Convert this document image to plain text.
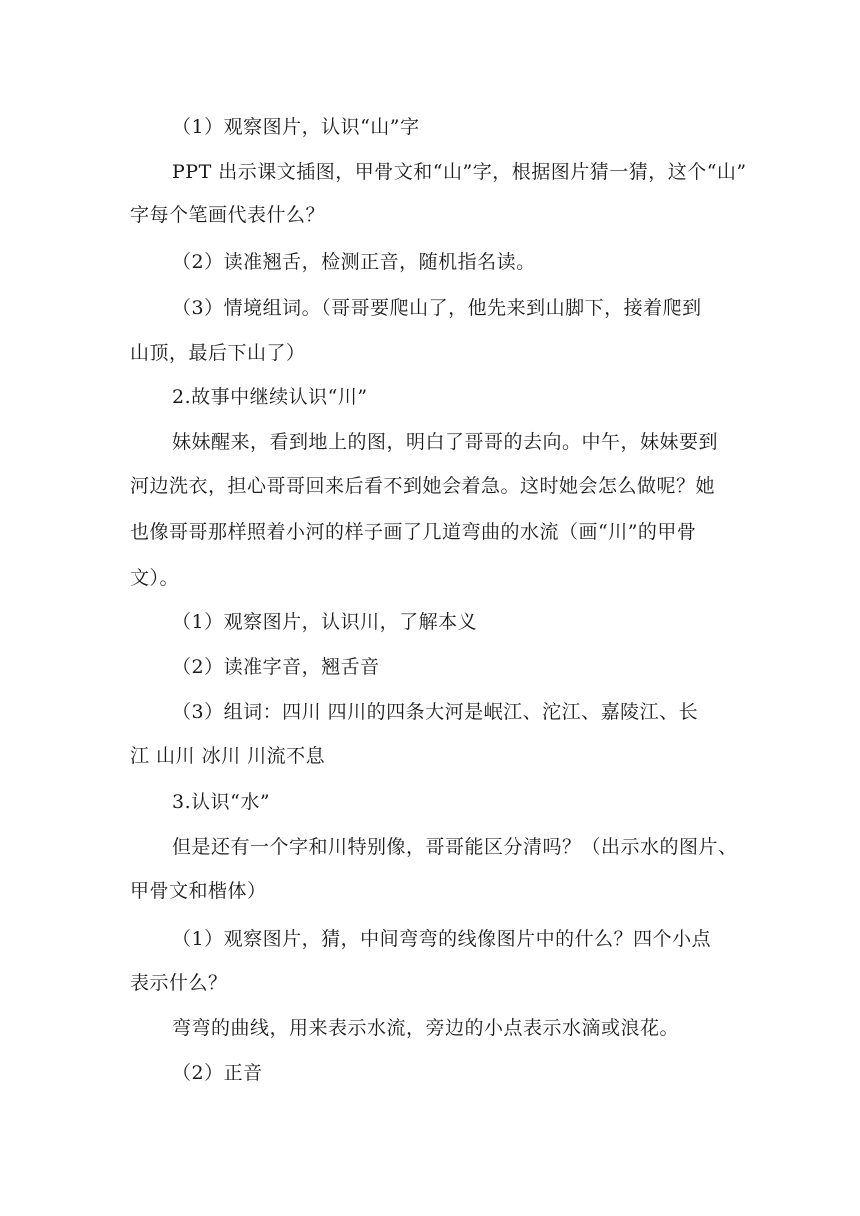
（1）观察图片，认识“山”字
PPT 出示课文插图，甲骨文和“山”字，根据图片猜一猜，这个“山”
字每个笔画代表什么？
（2）读准翘舌，检测正音，随机指名读。
（3）情境组词。（哥哥要爬山了，他先来到山脚下，接着爬到
山顶，最后下山了）
2.故事中继续认识“川”
妹妹醒来，看到地上的图，明白了哥哥的去向。中午，妹妹要到
河边洗衣，担心哥哥回来后看不到她会着急。这时她会怎么做呢？她
也像哥哥那样照着小河的样子画了几道弯曲的水流（画“川”的甲骨
文）。
（1）观察图片，认识川，了解本义
（2）读准字音，翘舌音
（3）组词：四川 四川的四条大河是岷江、沱江、嘉陵江、长
江 山川 冰川 川流不息
3.认识“水”
但是还有一个字和川特别像，哥哥能区分清吗？（出示水的图片、
甲骨文和楷体）
（1）观察图片，猜，中间弯弯的线像图片中的什么？四个小点
表示什么？
弯弯的曲线，用来表示水流，旁边的小点表示水滴或浪花。
（2）正音
